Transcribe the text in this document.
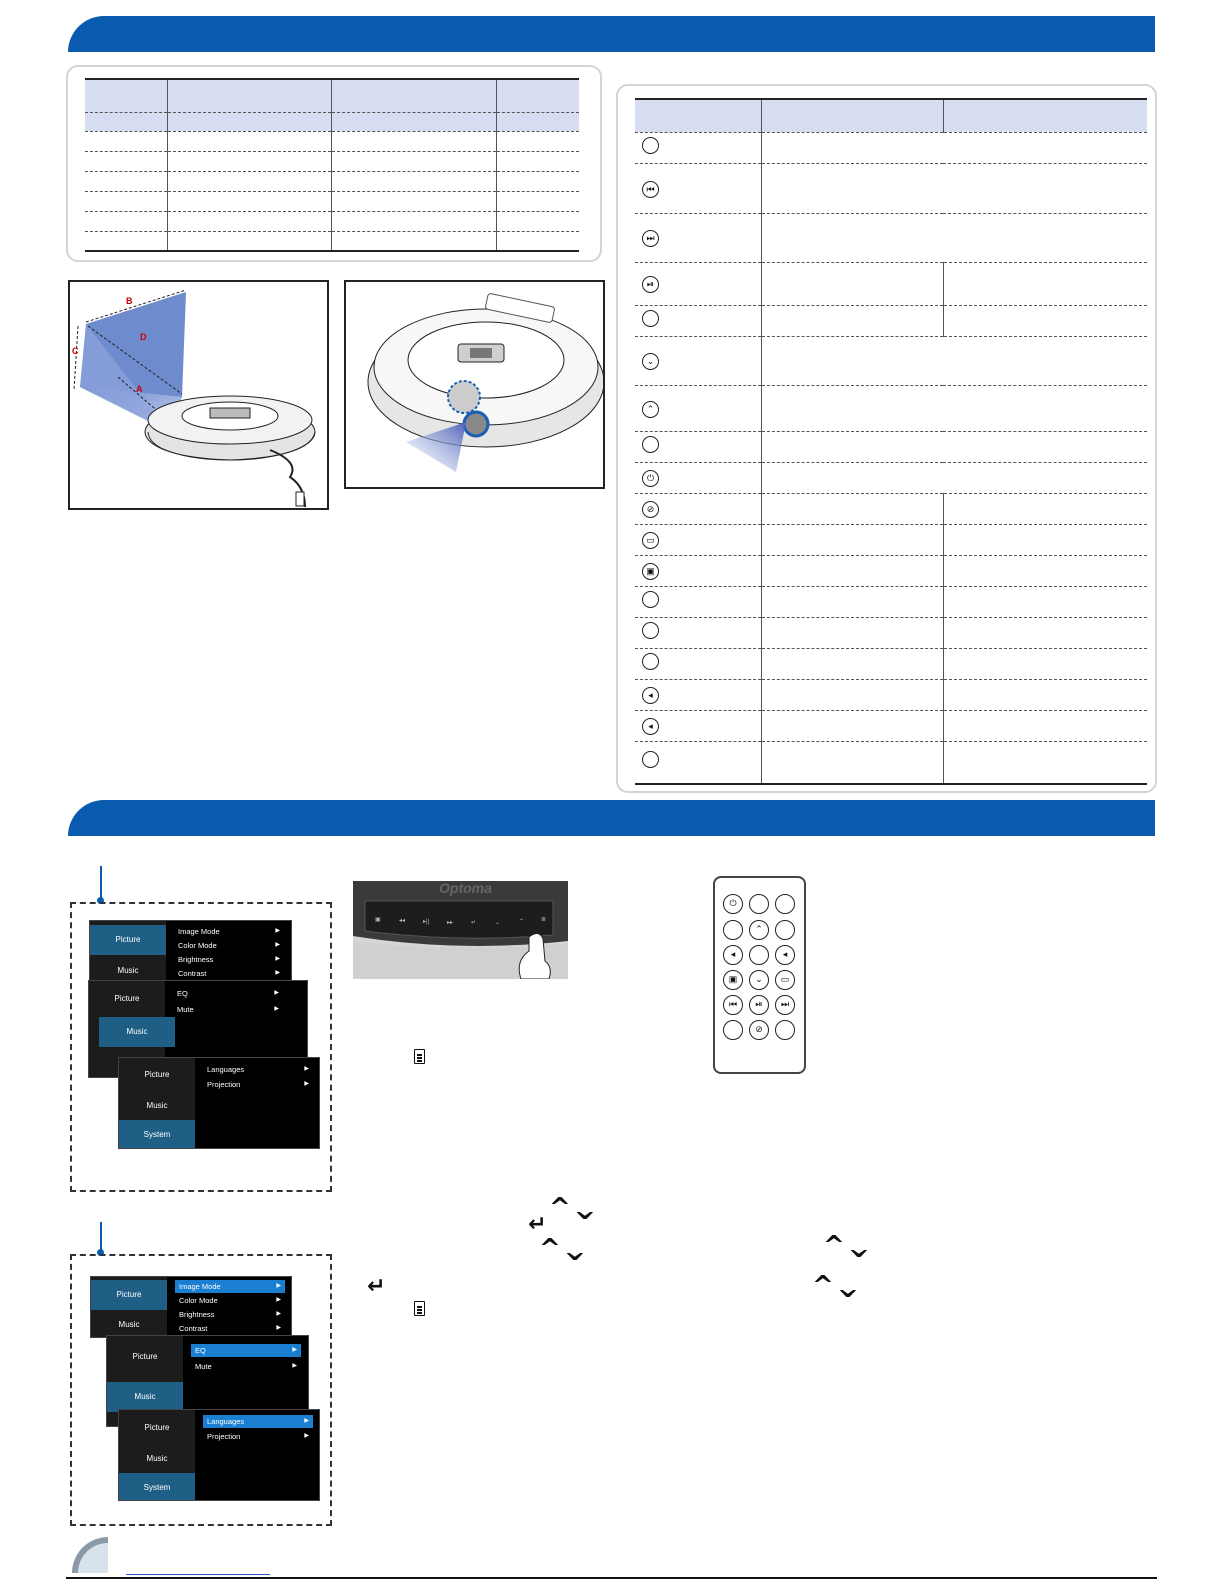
⏮		
⏭		
⏯		

⌄		
⌃		

⏻		
⊘		
▭		
▣		

◂		
◂		

B
D
C
A
Optoma
▣	◂◂	▸||	▸▸	↵	⌄	⌃	≣
⏻
⌃
◂	◂
▣	⌄	▭
⏮	⏯	⏭
⊘
^ ^
↵
^ ^	^ ^
^ ^
↵
Picture
Music
Image Mode	▶
Color Mode	▶
Brightness	▶
Contrast	▶
Picture
Music
EQ	▶
Mute	▶
Picture
Music
System
Languages	▶
Projection	▶
Picture
Music
Image Mode	▶
Color Mode	▶
Brightness	▶
Contrast	▶
Picture
Music
EQ	▶
Mute	▶
Picture
Music
System
Languages	▶
Projection	▶
